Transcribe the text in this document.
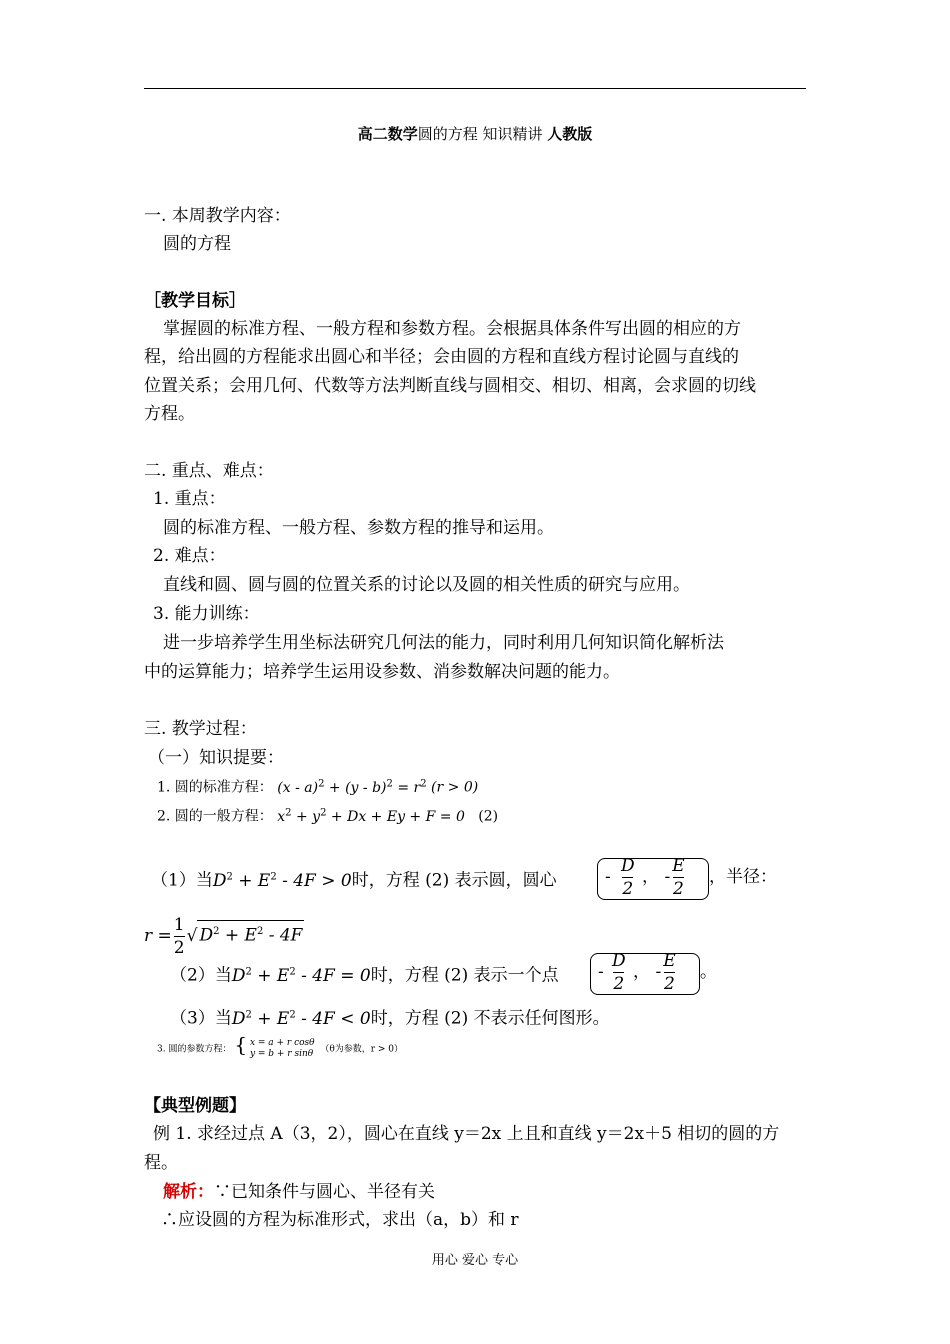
高二数学圆的方程 知识精讲 人教版
一. 本周教学内容：
圆的方程
［教学目标］
掌握圆的标准方程、一般方程和参数方程。会根据具体条件写出圆的相应的方
程，给出圆的方程能求出圆心和半径；会由圆的方程和直线方程讨论圆与直线的
位置关系；会用几何、代数等方法判断直线与圆相交、相切、相离，会求圆的切线
方程。
二. 重点、难点：
1. 重点：
圆的标准方程、一般方程、参数方程的推导和运用。
2. 难点：
直线和圆、圆与圆的位置关系的讨论以及圆的相关性质的研究与应用。
3. 能力训练：
进一步培养学生用坐标法研究几何法的能力，同时利用几何知识简化解析法
中的运算能力；培养学生运用设参数、消参数解决问题的能力。
三. 教学过程：
（一）知识提要：
1. 圆的标准方程： $(x - a)^2 + (y - b)^2 = r^2$ (r > 0)
2. 圆的一般方程： $x^2 + y^2 + Dx + Ey + F = 0$ (2)
（1）当$D^2 + E^2 - 4F > 0$时，方程 (2) 表示圆，圆心	- $\frac{D}{2}$ ， - $\frac{E}{2}$ ，半径：
$r = \frac{1}{2}$ √ $D^2 + E^2 - 4F$
（2）当$D^2 + E^2 - 4F = 0$时，方程 (2) 表示一个点 - $\frac{D}{2}$ ， - $\frac{E}{2}$ 。
（3）当$D^2 + E^2 - 4F < 0$时，方程 (2) 不表示任何图形。
3. 圆的参数方程： { x = a + r cosθ
y = b + r sinθ （θ为参数，r > 0）
【典型例题】
例 1. 求经过点 A（3，2），圆心在直线 y＝2x 上且和直线 y＝2x＋5 相切的圆的方
程。
解析：∵已知条件与圆心、半径有关
∴应设圆的方程为标准形式，求出（a，b）和 r
用心 爱心 专心
